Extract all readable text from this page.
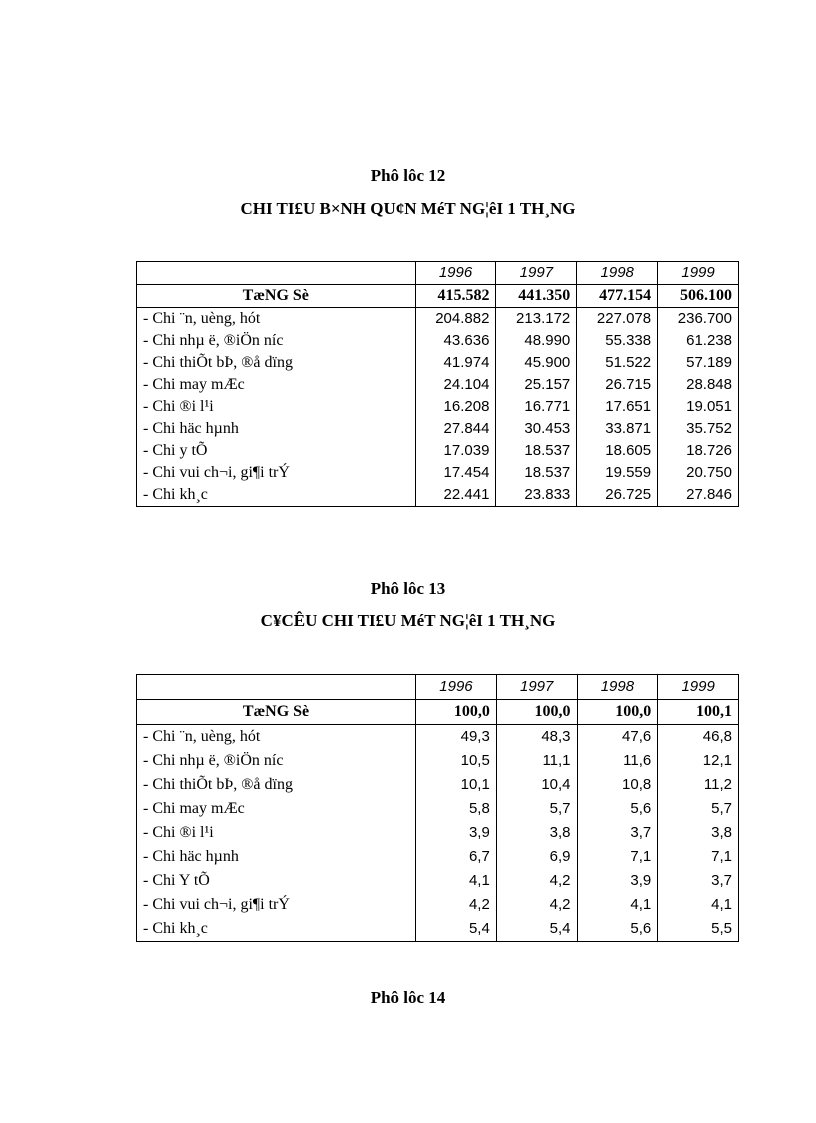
Phô lôc 12
CHI TI£U B×NH QU¢N MéT NG¦êI 1 TH¸NG
	1996	1997	1998	1999
TæNG Sè	415.582	441.350	477.154	506.100
- Chi ¨n, uèng, hót	204.882	213.172	227.078	236.700
- Chi nhµ ë, ®iÖn níc	43.636	48.990	55.338	61.238
- Chi thiÕt bÞ, ®å dïng	41.974	45.900	51.522	57.189
- Chi may mÆc	24.104	25.157	26.715	28.848
- Chi ®i l¹i	16.208	16.771	17.651	19.051
- Chi häc hµnh	27.844	30.453	33.871	35.752
- Chi y tÕ	17.039	18.537	18.605	18.726
- Chi vui ch¬i, gi¶i trÝ	17.454	18.537	19.559	20.750
- Chi kh¸c	22.441	23.833	26.725	27.846
Phô lôc 13
C¥CÊU CHI TI£U MéT NG¦êI 1 TH¸NG
	1996	1997	1998	1999
TæNG Sè	100,0	100,0	100,0	100,1
- Chi ¨n, uèng, hót	49,3	48,3	47,6	46,8
- Chi nhµ ë, ®iÖn níc	10,5	11,1	11,6	12,1
- Chi thiÕt bÞ, ®å dïng	10,1	10,4	10,8	11,2
- Chi may mÆc	5,8	5,7	5,6	5,7
- Chi ®i l¹i	3,9	3,8	3,7	3,8
- Chi häc hµnh	6,7	6,9	7,1	7,1
- Chi Y tÕ	4,1	4,2	3,9	3,7
- Chi vui ch¬i, gi¶i trÝ	4,2	4,2	4,1	4,1
- Chi kh¸c	5,4	5,4	5,6	5,5
Phô lôc 14
